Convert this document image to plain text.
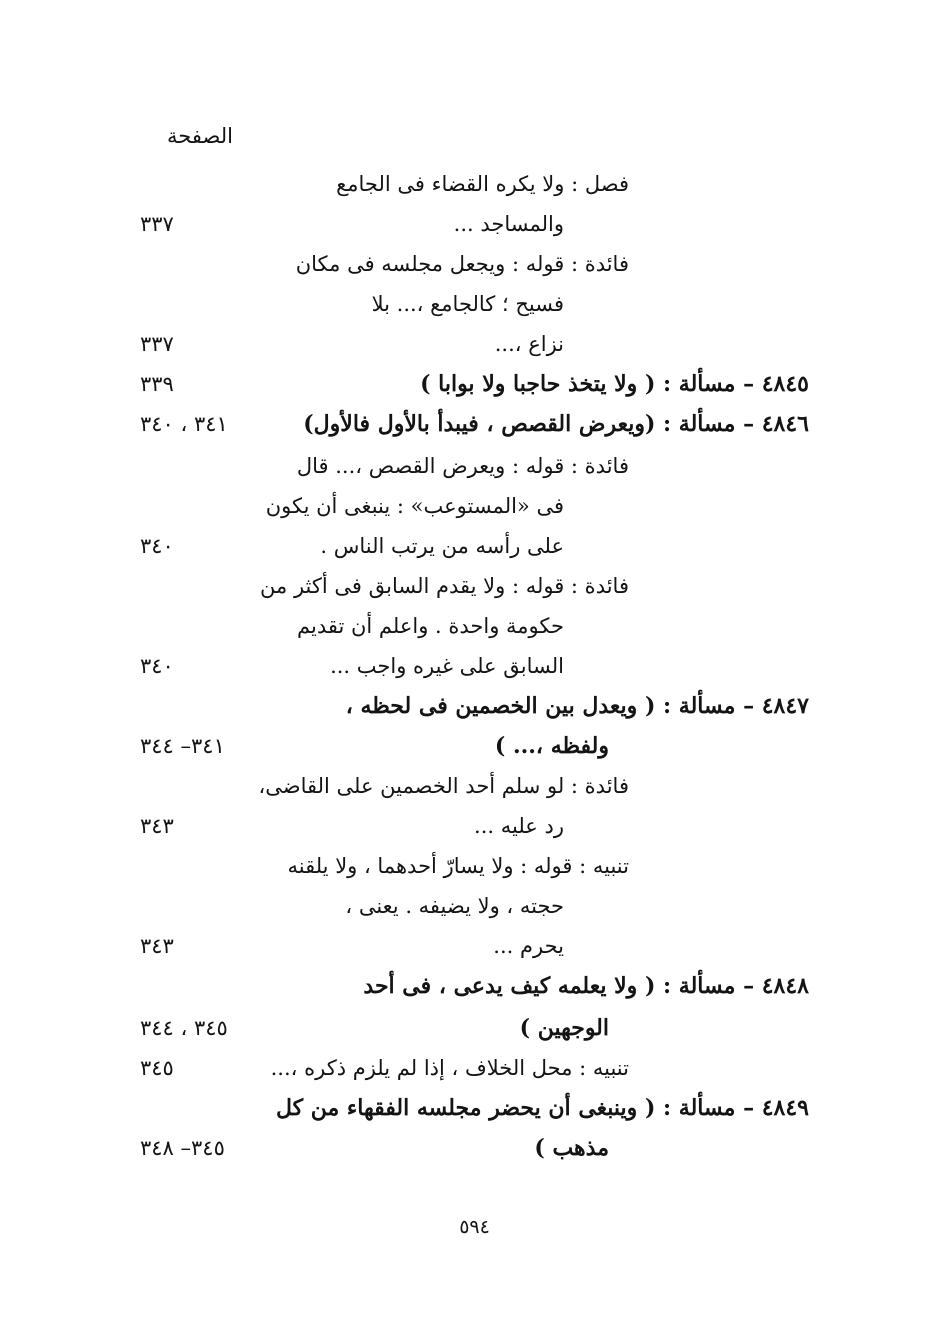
الصفحة
فصل : ولا يكره القضاء فى الجامع
والمساجد ...
٣٣٧
فائدة : قوله : ويجعل مجلسه فى مكان
فسيح ؛ كالجامع ،... بلا
نزاع ،...
٣٣٧
٤٨٤٥ – مسألة : ( ولا يتخذ حاجبا ولا بوابا )
٣٣٩
٤٨٤٦ – مسألة : (ويعرض القصص ، فيبدأ بالأول فالأول)
٣٤١ ، ٣٤٠
فائدة : قوله : ويعرض القصص ،... قال
فى «المستوعب» : ينبغى أن يكون
على رأسه من يرتب الناس .
٣٤٠
فائدة : قوله : ولا يقدم السابق فى أكثر من
حكومة واحدة . واعلم أن تقديم
السابق على غيره واجب ...
٣٤٠
٤٨٤٧ – مسألة : ( ويعدل بين الخصمين فى لحظه ،
ولفظه ،... )
٣٤١– ٣٤٤
فائدة : لو سلم أحد الخصمين على القاضى،
رد عليه ...
٣٤٣
تنبيه : قوله : ولا يسارّ أحدهما ، ولا يلقنه
حجته ، ولا يضيفه . يعنى ،
يحرم ...
٣٤٣
٤٨٤٨ – مسألة : ( ولا يعلمه كيف يدعى ، فى أحد
الوجهين )
٣٤٥ ، ٣٤٤
تنبيه : محل الخلاف ، إذا لم يلزم ذكره ،...
٣٤٥
٤٨٤٩ – مسألة : ( وينبغى أن يحضر مجلسه الفقهاء من كل
مذهب )
٣٤٥– ٣٤٨
٥٩٤
